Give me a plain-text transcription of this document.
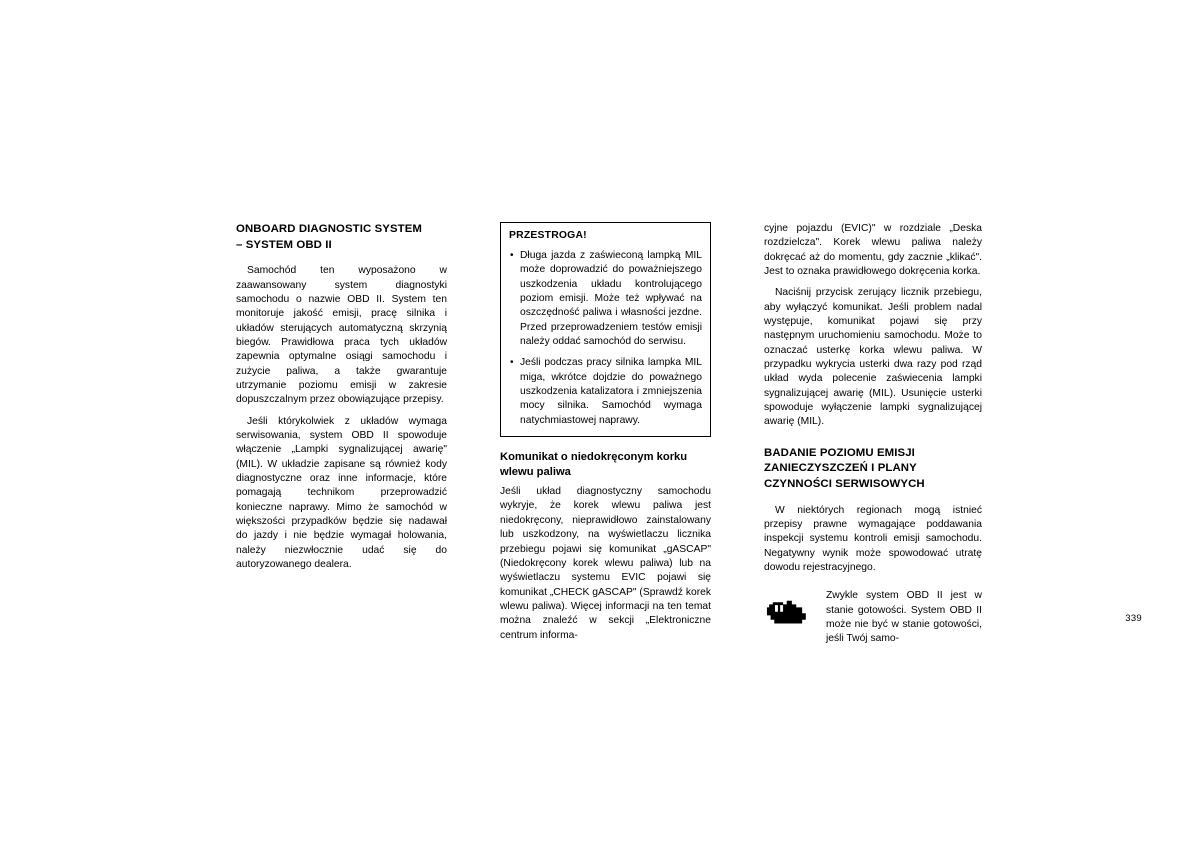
ONBOARD DIAGNOSTIC SYSTEM
– SYSTEM OBD II

Samochód ten wyposażono w zaawansowany system diagnostyki samochodu o nazwie OBD II. System ten monitoruje jakość emisji, pracę silnika i układów sterujących automatyczną skrzynią biegów. Prawidłowa praca tych układów zapewnia optymalne osiągi samochodu i zużycie paliwa, a także gwarantuje utrzymanie poziomu emisji w zakresie dopuszczalnym przez obowiązujące przepisy.

Jeśli którykolwiek z układów wymaga serwisowania, system OBD II spowoduje włączenie „Lampki sygnalizującej awarię" (MIL). W układzie zapisane są również kody diagnostyczne oraz inne informacje, które pomagają technikom przeprowadzić konieczne naprawy. Mimo że samochód w większości przypadków będzie się nadawał do jazdy i nie będzie wymagał holowania, należy niezwłocznie udać się do autoryzowanego dealera.

PRZESTROGA!
• Długa jazda z zaświeconą lampką MIL może doprowadzić do poważniejszego uszkodzenia układu kontrolującego poziom emisji. Może też wpływać na oszczędność paliwa i własności jezdne. Przed przeprowadzeniem testów emisji należy oddać samochód do serwisu.
• Jeśli podczas pracy silnika lampka MIL miga, wkrótce dojdzie do poważnego uszkodzenia katalizatora i zmniejszenia mocy silnika. Samochód wymaga natychmiastowej naprawy.
Komunikat o niedokręconym korku
wlewu paliwa

Jeśli układ diagnostyczny samochodu wykryje, że korek wlewu paliwa jest niedokręcony, nieprawidłowo zainstalowany lub uszkodzony, na wyświetlaczu licznika przebiegu pojawi się komunikat „gASCAP" (Niedokręcony korek wlewu paliwa) lub na wyświetlaczu systemu EVIC pojawi się komunikat „CHECK gASCAP" (Sprawdź korek wlewu paliwa). Więcej informacji na ten temat można znaleźć w sekcji „Elektroniczne centrum informa-

cyjne pojazdu (EVIC)" w rozdziale „Deska rozdzielcza". Korek wlewu paliwa należy dokręcać aż do momentu, gdy zacznie „klikać". Jest to oznaka prawidłowego dokręcenia korka.

Naciśnij przycisk zerujący licznik przebiegu, aby wyłączyć komunikat. Jeśli problem nadal występuje, komunikat pojawi się przy następnym uruchomieniu samochodu. Może to oznaczać usterkę korka wlewu paliwa. W przypadku wykrycia usterki dwa razy pod rząd układ wyda polecenie zaświecenia lampki sygnalizującej awarię (MIL). Usunięcie usterki spowoduje wyłączenie lampki sygnalizującej awarię (MIL).

BADANIE POZIOMU EMISJI
ZANIECZYSZCZEŃ I PLANY
CZYNNOŚCI SERWISOWYCH

W niektórych regionach mogą istnieć przepisy prawne wymagające poddawania inspekcji systemu kontroli emisji samochodu. Negatywny wynik może spowodować utratę dowodu rejestracyjnego.

Zwykle system OBD II jest w stanie gotowości. System OBD II może nie być w stanie gotowości, jeśli Twój samo-
339
